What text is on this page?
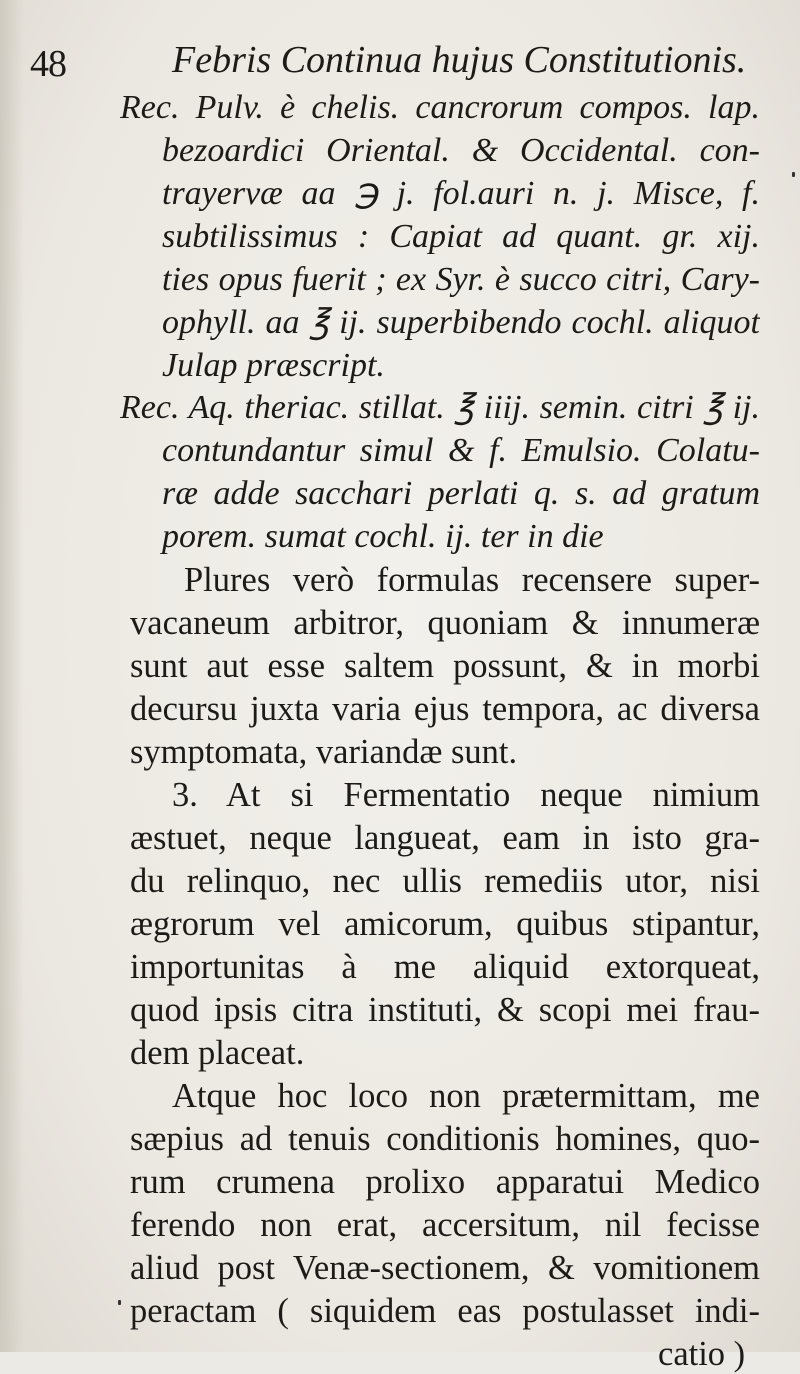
48	Febris Continua hujus Constitutionis.
Rec. Pulv. è chelis. cancrorum compos. lap.
bezoardici Oriental. & Occidental. con-
trayervæ aa ℈ j. fol.auri n. j. Misce, f.
subtilissimus : Capiat ad quant. gr. xij.
ties opus fuerit ; ex Syr. è succo citri, Cary-
ophyll. aa ℥ ij. superbibendo cochl. aliquot
Julap præscript.
Rec. Aq. theriac. stillat. ℥ iiij. semin. citri ℥ ij.
contundantur simul & f. Emulsio. Colatu-
ræ adde sacchari perlati q. s. ad gratum
porem. sumat cochl. ij. ter in die
Plures verò formulas recensere super-
vacaneum arbitror, quoniam & innumeræ
sunt aut esse saltem possunt, & in morbi
decursu juxta varia ejus tempora, ac diversa
symptomata, variandæ sunt.
3. At si Fermentatio neque nimium
æstuet, neque langueat, eam in isto gra-
du relinquo, nec ullis remediis utor, nisi
ægrorum vel amicorum, quibus stipantur,
importunitas à me aliquid extorqueat,
quod ipsis citra instituti, & scopi mei frau-
dem placeat.
Atque hoc loco non prætermittam, me
sæpius ad tenuis conditionis homines, quo-
rum crumena prolixo apparatui Medico
ferendo non erat, accersitum, nil fecisse
aliud post Venæ-sectionem, & vomitionem
peractam ( siquidem eas postulasset indi-
catio )
